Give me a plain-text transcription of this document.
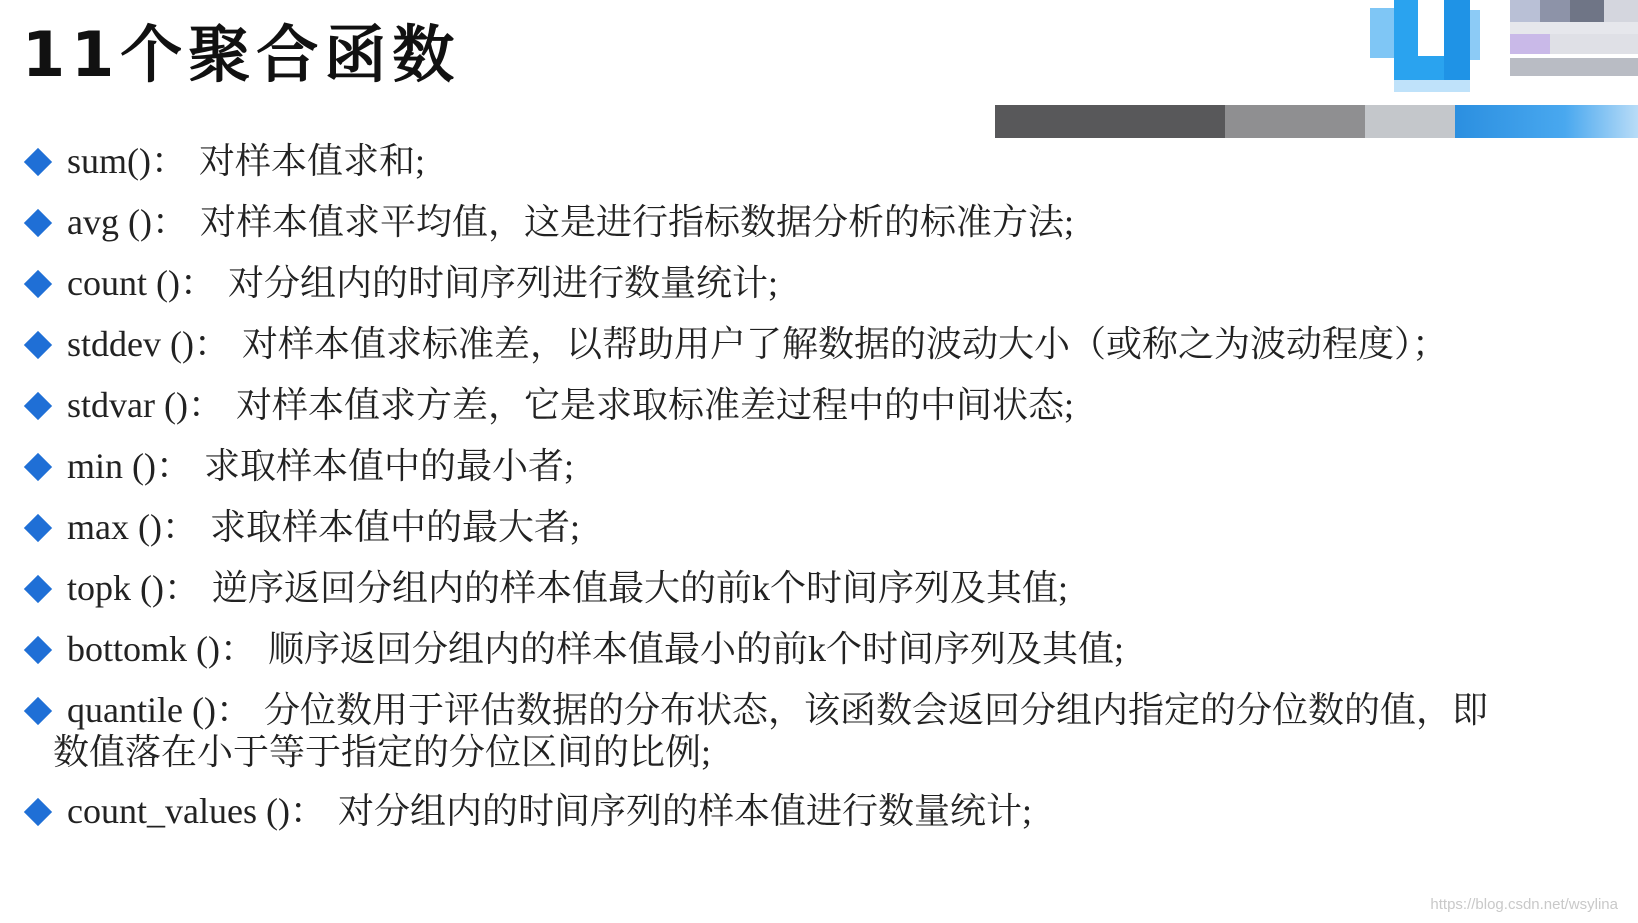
11个聚合函数
sum()： 对样本值求和;
avg ()： 对样本值求平均值，这是进行指标数据分析的标准方法;
count ()： 对分组内的时间序列进行数量统计;
stddev ()： 对样本值求标准差，以帮助用户了解数据的波动大小（或称之为波动程度）；
stdvar ()： 对样本值求方差，它是求取标准差过程中的中间状态;
min ()： 求取样本值中的最小者;
max ()： 求取样本值中的最大者;
topk ()： 逆序返回分组内的样本值最大的前k个时间序列及其值;
bottomk ()： 顺序返回分组内的样本值最小的前k个时间序列及其值;
quantile ()： 分位数用于评估数据的分布状态，该函数会返回分组内指定的分位数的值，即
数值落在小于等于指定的分位区间的比例;
count_values ()： 对分组内的时间序列的样本值进行数量统计;
https://blog.csdn.net/wsylina
